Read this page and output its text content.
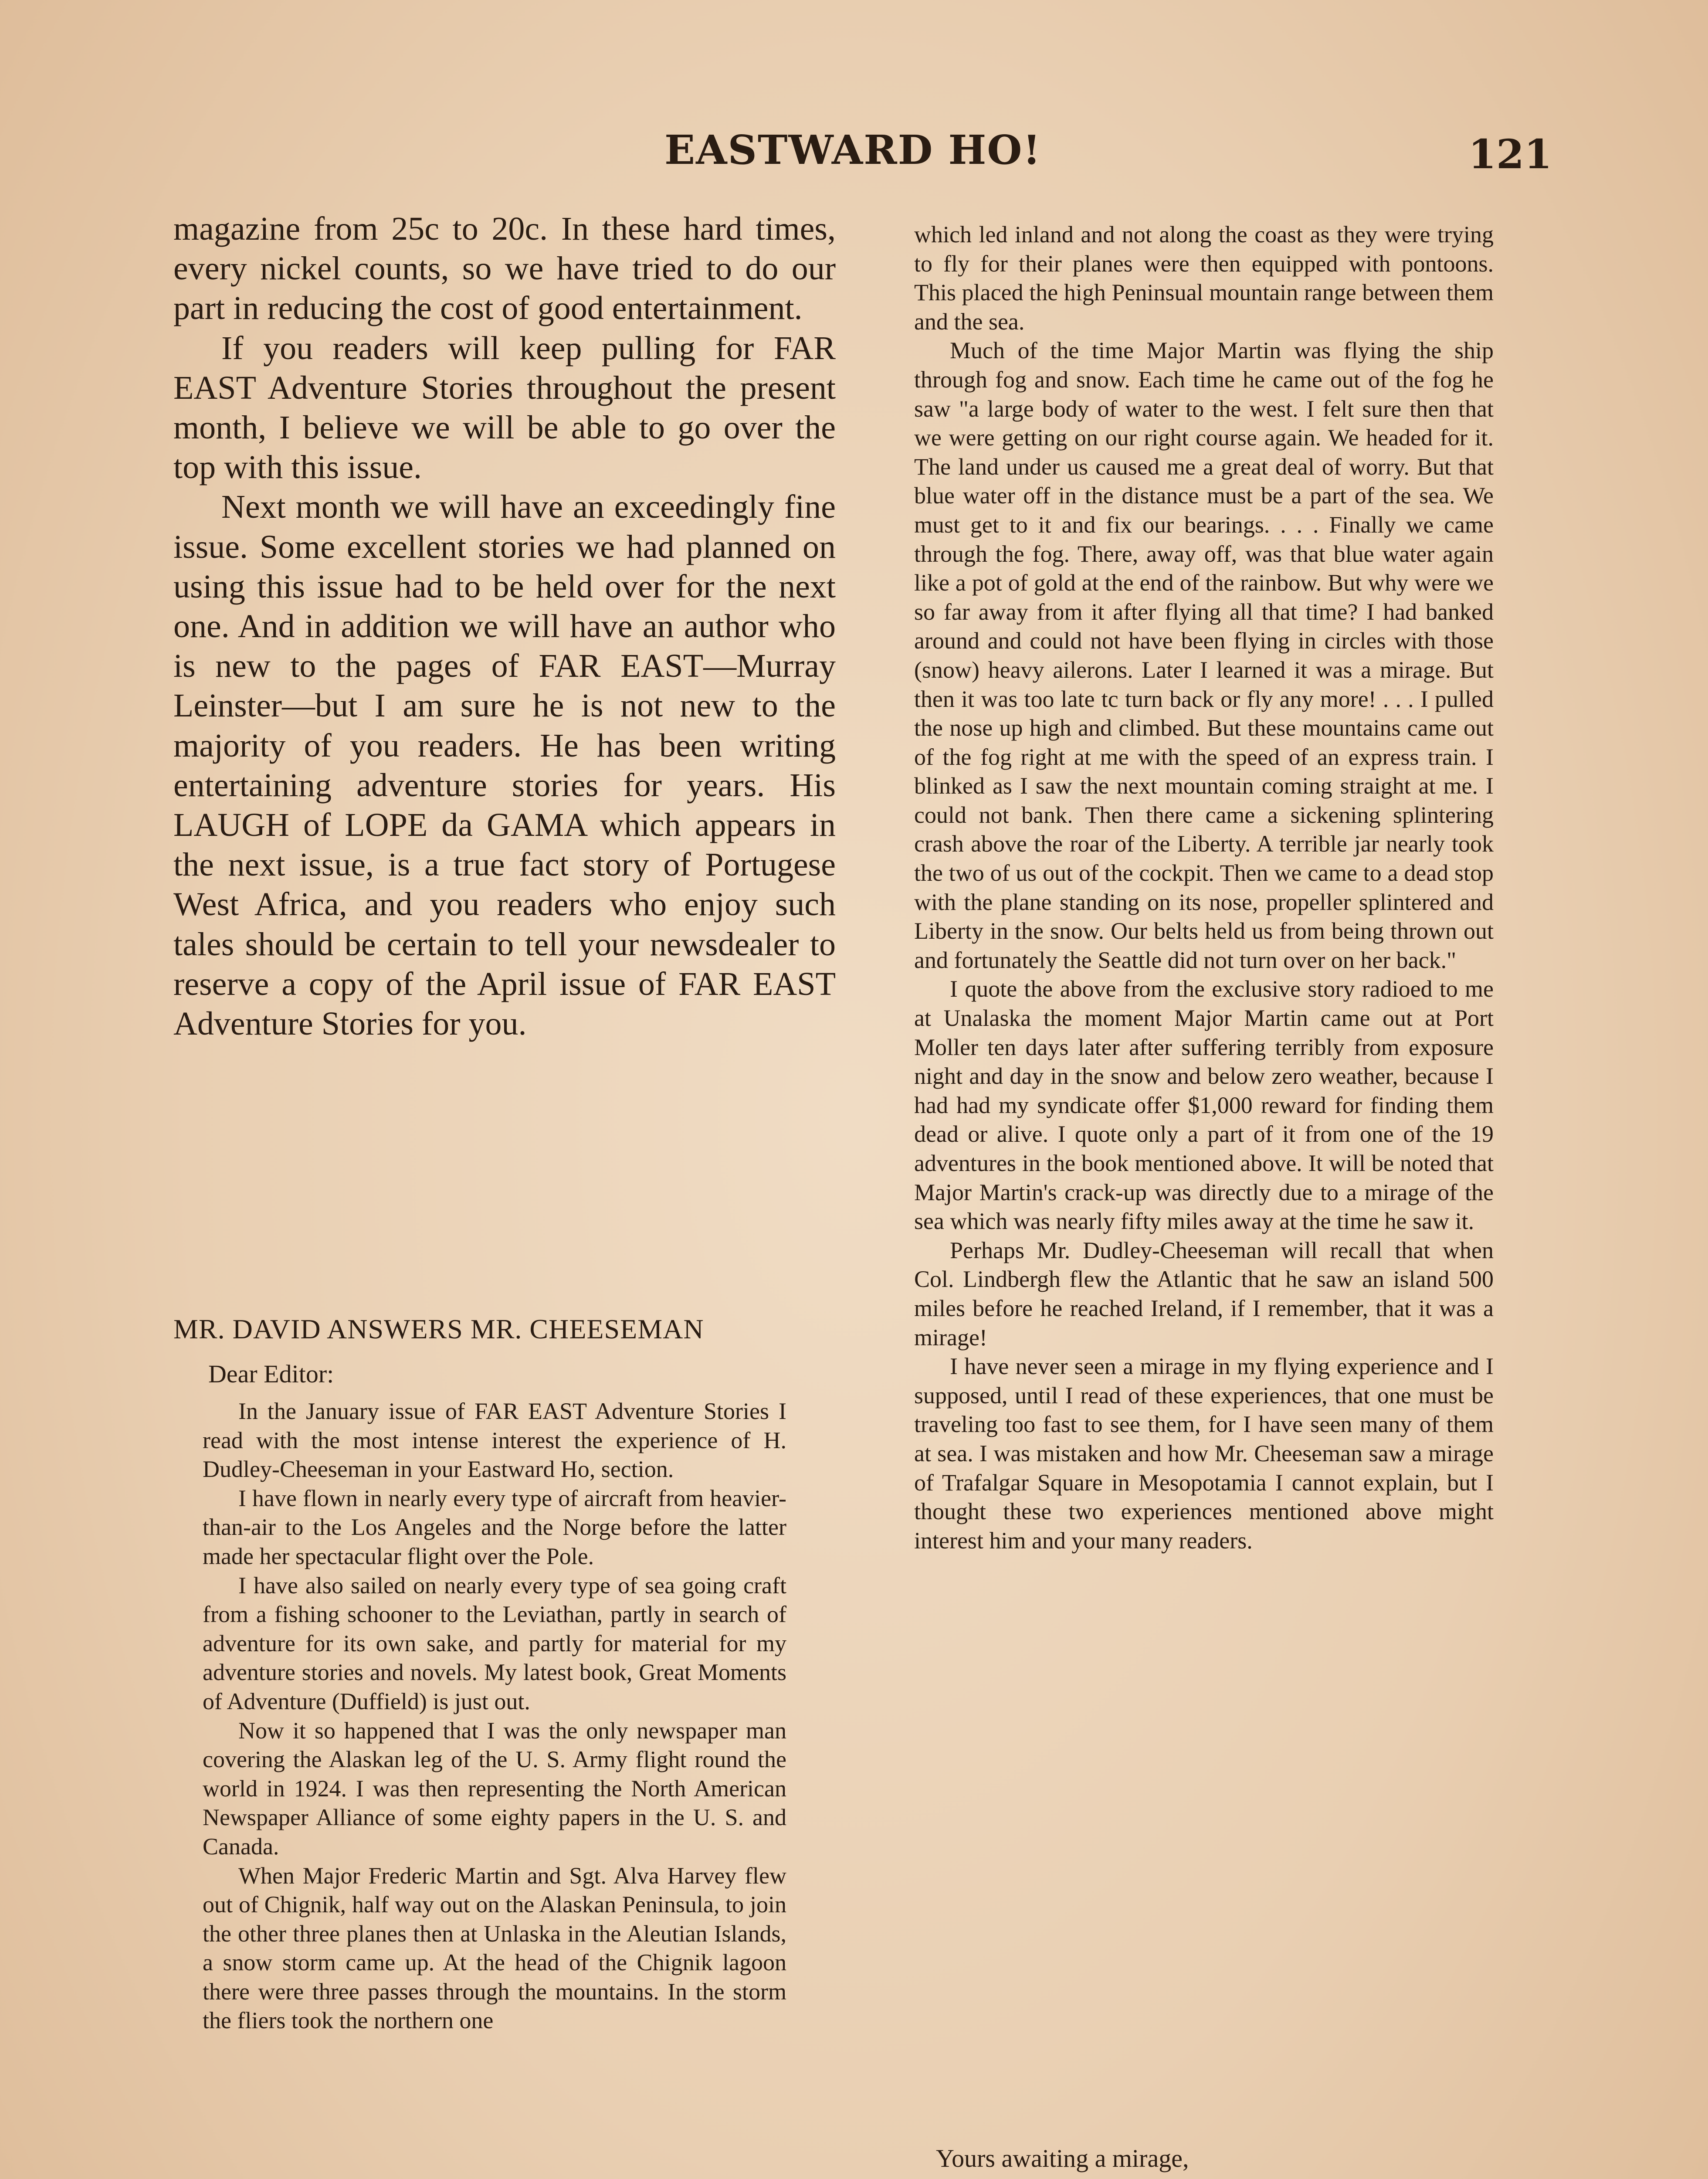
EASTWARD HO!	121

magazine from 25c to 20c. In these hard times, every nickel counts, so we have tried to do our part in reducing the cost of good entertainment.

If you readers will keep pulling for FAR EAST Adventure Stories throughout the present month, I believe we will be able to go over the top with this issue.

Next month we will have an exceedingly fine issue. Some excellent stories we had planned on using this issue had to be held over for the next one. And in addition we will have an author who is new to the pages of FAR EAST—Murray Leinster—but I am sure he is not new to the majority of you readers. He has been writing entertaining adventure stories for years. His LAUGH of LOPE da GAMA which appears in the next issue, is a true fact story of Portugese West Africa, and you readers who enjoy such tales should be certain to tell your newsdealer to reserve a copy of the April issue of FAR EAST Adventure Stories for you.

MR. DAVID ANSWERS MR. CHEESEMAN
Dear Editor:

In the January issue of FAR EAST Adventure Stories I read with the most intense interest the experience of H. Dudley-Cheeseman in your Eastward Ho, section.

I have flown in nearly every type of aircraft from heavier-than-air to the Los Angeles and the Norge before the latter made her spectacular flight over the Pole.

I have also sailed on nearly every type of sea going craft from a fishing schooner to the Leviathan, partly in search of adventure for its own sake, and partly for material for my adventure stories and novels. My latest book, Great Moments of Adventure (Duffield) is just out.

Now it so happened that I was the only newspaper man covering the Alaskan leg of the U. S. Army flight round the world in 1924. I was then representing the North American Newspaper Alliance of some eighty papers in the U. S. and Canada.

When Major Frederic Martin and Sgt. Alva Harvey flew out of Chignik, half way out on the Alaskan Peninsula, to join the other three planes then at Unlaska in the Aleutian Islands, a snow storm came up. At the head of the Chignik lagoon there were three passes through the mountains. In the storm the fliers took the northern one

which led inland and not along the coast as they were trying to fly for their planes were then equipped with pontoons. This placed the high Peninsual mountain range between them and the sea.

Much of the time Major Martin was flying the ship through fog and snow. Each time he came out of the fog he saw "a large body of water to the west. I felt sure then that we were getting on our right course again. We headed for it. The land under us caused me a great deal of worry. But that blue water off in the distance must be a part of the sea. We must get to it and fix our bearings. . . . Finally we came through the fog. There, away off, was that blue water again like a pot of gold at the end of the rainbow. But why were we so far away from it after flying all that time? I had banked around and could not have been flying in circles with those (snow) heavy ailerons. Later I learned it was a mirage. But then it was too late tc turn back or fly any more! . . . I pulled the nose up high and climbed. But these mountains came out of the fog right at me with the speed of an express train. I blinked as I saw the next mountain coming straight at me. I could not bank. Then there came a sickening splintering crash above the roar of the Liberty. A terrible jar nearly took the two of us out of the cockpit. Then we came to a dead stop with the plane standing on its nose, propeller splintered and Liberty in the snow. Our belts held us from being thrown out and fortunately the Seattle did not turn over on her back."

I quote the above from the exclusive story radioed to me at Unalaska the moment Major Martin came out at Port Moller ten days later after suffering terribly from exposure night and day in the snow and below zero weather, because I had had my syndicate offer $1,000 reward for finding them dead or alive. I quote only a part of it from one of the 19 adventures in the book mentioned above. It will be noted that Major Martin's crack-up was directly due to a mirage of the sea which was nearly fifty miles away at the time he saw it.

Perhaps Mr. Dudley-Cheeseman will recall that when Col. Lindbergh flew the Atlantic that he saw an island 500 miles before he reached Ireland, if I remember, that it was a mirage!

I have never seen a mirage in my flying experience and I supposed, until I read of these experiences, that one must be traveling too fast to see them, for I have seen many of them at sea. I was mistaken and how Mr. Cheeseman saw a mirage of Trafalgar Square in Mesopotamia I cannot explain, but I thought these two experiences mentioned above might interest him and your many readers.

Yours awaiting a mirage,
